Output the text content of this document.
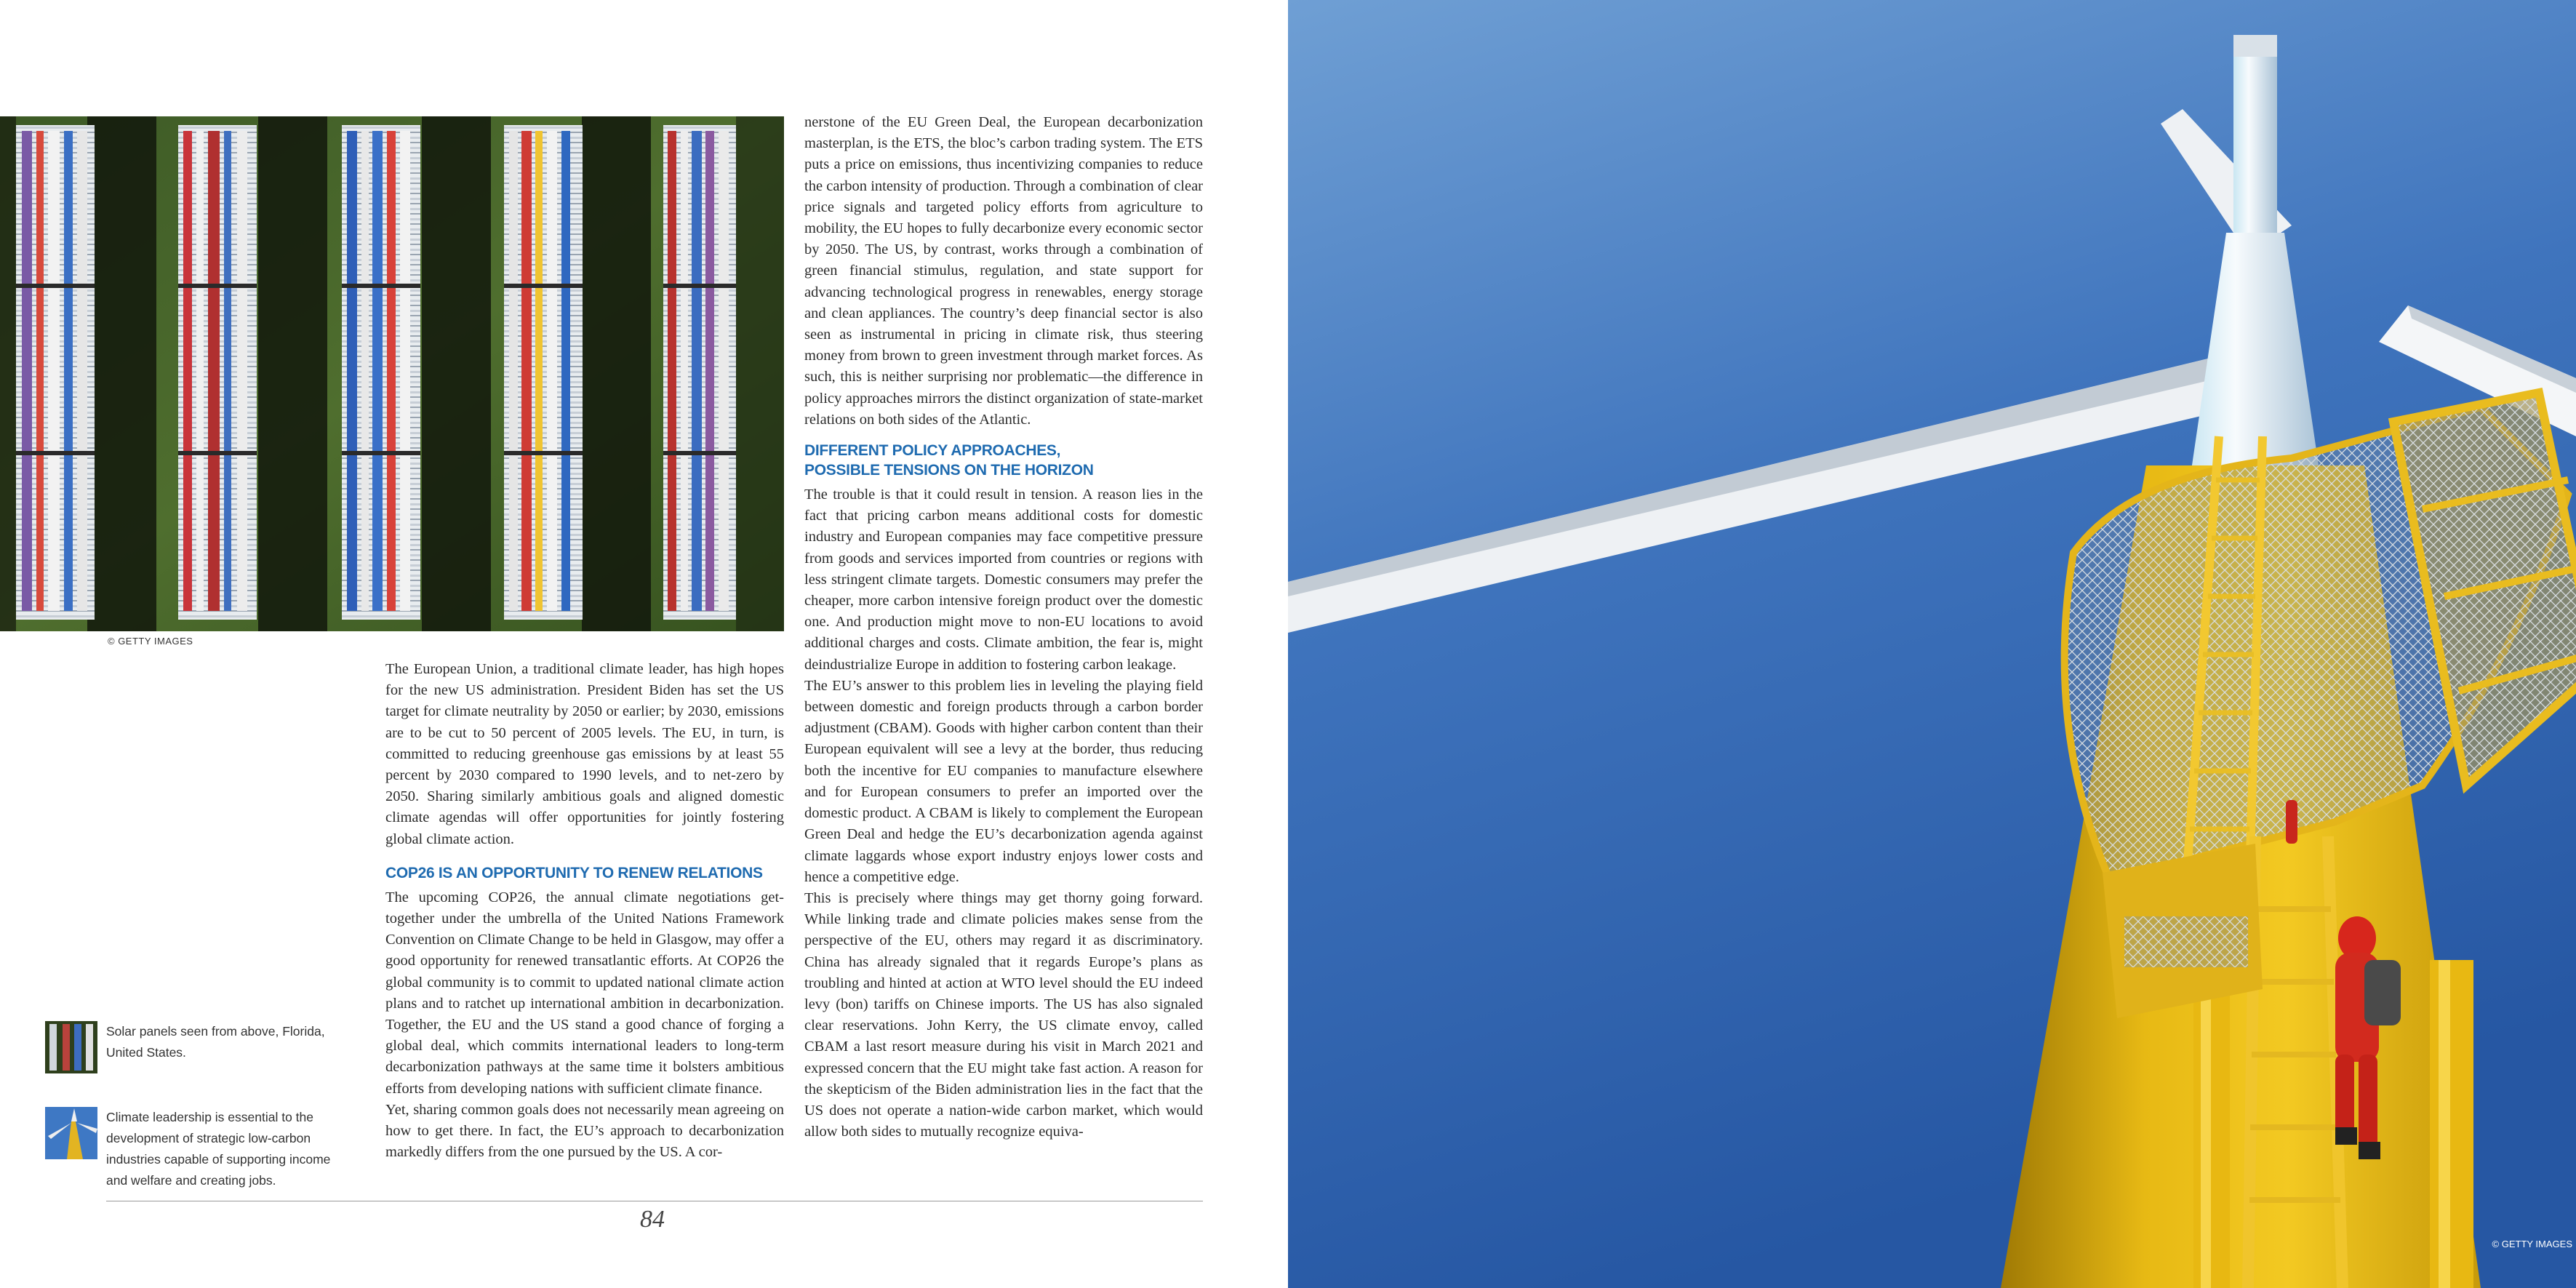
© GETTY IMAGES

The European Union, a traditional climate leader, has high hopes for the new US administration. President Biden has set the US target for climate neutrality by 2050 or earlier; by 2030, emissions are to be cut to 50 percent of 2005 levels. The EU, in turn, is committed to reducing greenhouse gas emissions by at least 55 percent by 2030 compared to 1990 levels, and to net-zero by 2050. Sharing similarly ambitious goals and aligned domestic climate agendas will offer opportunities for jointly fostering global climate action.

COP26 IS AN OPPORTUNITY TO RENEW RELATIONS

The upcoming COP26, the annual climate negotiations get-together under the umbrella of the United Nations Framework Convention on Climate Change to be held in Glasgow, may offer a good opportunity for renewed transatlantic efforts. At COP26 the global community is to commit to updated national climate action plans and to ratchet up international ambition in decarbonization. Together, the EU and the US stand a good chance of forging a global deal, which commits international leaders to long-term decarbonization pathways at the same time it bolsters ambitious efforts from developing nations with sufficient climate finance.

Yet, sharing common goals does not necessarily mean agreeing on how to get there. In fact, the EU’s approach to decarbonization markedly differs from the one pursued by the US. A cor-

nerstone of the EU Green Deal, the European decarbonization masterplan, is the ETS, the bloc’s carbon trading system. The ETS puts a price on emissions, thus incentivizing companies to reduce the carbon intensity of production. Through a combination of clear price signals and targeted policy efforts from agriculture to mobility, the EU hopes to fully decarbonize every economic sector by 2050. The US, by contrast, works through a combination of green financial stimulus, regulation, and state support for advancing technological progress in renewables, energy storage and clean appliances. The country’s deep financial sector is also seen as instrumental in pricing in climate risk, thus steering money from brown to green investment through market forces. As such, this is neither surprising nor problematic—the difference in policy approaches mirrors the distinct organization of state-market relations on both sides of the Atlantic.

DIFFERENT POLICY APPROACHES,
POSSIBLE TENSIONS ON THE HORIZON

The trouble is that it could result in tension. A reason lies in the fact that pricing carbon means additional costs for domestic industry and European companies may face competitive pressure from goods and services imported from countries or regions with less stringent climate targets. Domestic consumers may prefer the cheaper, more carbon intensive foreign product over the domestic one. And production might move to non-EU locations to avoid additional charges and costs. Climate ambition, the fear is, might deindustrialize Europe in addition to fostering carbon leakage.

The EU’s answer to this problem lies in leveling the playing field between domestic and foreign products through a carbon border adjustment (CBAM). Goods with higher carbon content than their European equivalent will see a levy at the border, thus reducing both the incentive for EU companies to manufacture elsewhere and for European consumers to prefer an imported over the domestic product. A CBAM is likely to complement the European Green Deal and hedge the EU’s decarbonization agenda against climate laggards whose export industry enjoys lower costs and hence a competitive edge.

This is precisely where things may get thorny going forward. While linking trade and climate policies makes sense from the perspective of the EU, others may regard it as discriminatory. China has already signaled that it regards Europe’s plans as troubling and hinted at action at WTO level should the EU indeed levy (bon) tariffs on Chinese imports. The US has also signaled clear reservations. John Kerry, the US climate envoy, called CBAM a last resort measure during his visit in March 2021 and expressed concern that the EU might take fast action. A reason for the skepticism of the Biden administration lies in the fact that the US does not operate a nation-wide carbon market, which would allow both sides to mutually recognize equiva-

Solar panels seen from above, Florida, United States.
Climate leadership is essential to the development of strategic low-carbon industries capable of supporting income and welfare and creating jobs.
84
© GETTY IMAGES
